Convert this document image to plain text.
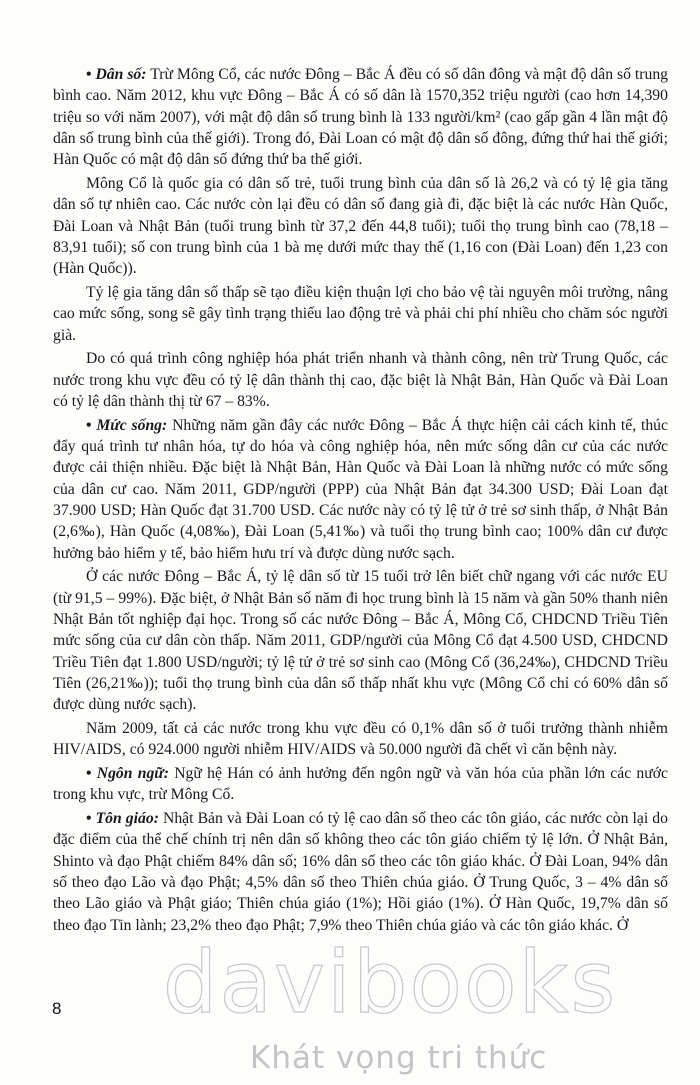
• Dân số: Trừ Mông Cổ, các nước Đông – Bắc Á đều có số dân đông và mật độ dân số trung bình cao. Năm 2012, khu vực Đông – Bắc Á có số dân là 1570,352 triệu người (cao hơn 14,390 triệu so với năm 2007), với mật độ dân số trung bình là 133 người/km² (cao gấp gần 4 lần mật độ dân số trung bình của thế giới). Trong đó, Đài Loan có mật độ dân số đông, đứng thứ hai thế giới; Hàn Quốc có mật độ dân số đứng thứ ba thế giới.

Mông Cổ là quốc gia có dân số trẻ, tuổi trung bình của dân số là 26,2 và có tỷ lệ gia tăng dân số tự nhiên cao. Các nước còn lại đều có dân số đang già đi, đặc biệt là các nước Hàn Quốc, Đài Loan và Nhật Bản (tuổi trung bình từ 37,2 đến 44,8 tuổi); tuổi thọ trung bình cao (78,18 – 83,91 tuổi); số con trung bình của 1 bà mẹ dưới mức thay thế (1,16 con (Đài Loan) đến 1,23 con (Hàn Quốc)).

Tỷ lệ gia tăng dân số thấp sẽ tạo điều kiện thuận lợi cho bảo vệ tài nguyên môi trường, nâng cao mức sống, song sẽ gây tình trạng thiếu lao động trẻ và phải chi phí nhiều cho chăm sóc người già.

Do có quá trình công nghiệp hóa phát triển nhanh và thành công, nên trừ Trung Quốc, các nước trong khu vực đều có tỷ lệ dân thành thị cao, đặc biệt là Nhật Bản, Hàn Quốc và Đài Loan có tỷ lệ dân thành thị từ 67 – 83%.

• Mức sống: Những năm gần đây các nước Đông – Bắc Á thực hiện cải cách kinh tế, thúc đẩy quá trình tư nhân hóa, tự do hóa và công nghiệp hóa, nên mức sống dân cư của các nước được cải thiện nhiều. Đặc biệt là Nhật Bản, Hàn Quốc và Đài Loan là những nước có mức sống của dân cư cao. Năm 2011, GDP/người (PPP) của Nhật Bản đạt 34.300 USD; Đài Loan đạt 37.900 USD; Hàn Quốc đạt 31.700 USD. Các nước này có tỷ lệ tử ở trẻ sơ sinh thấp, ở Nhật Bản (2,6‰), Hàn Quốc (4,08‰), Đài Loan (5,41‰) và tuổi thọ trung bình cao; 100% dân cư được hưởng bảo hiểm y tế, bảo hiểm hưu trí và được dùng nước sạch.

Ở các nước Đông – Bắc Á, tỷ lệ dân số từ 15 tuổi trở lên biết chữ ngang với các nước EU (từ 91,5 – 99%). Đặc biệt, ở Nhật Bản số năm đi học trung bình là 15 năm và gần 50% thanh niên Nhật Bản tốt nghiệp đại học. Trong số các nước Đông – Bắc Á, Mông Cổ, CHDCND Triều Tiên mức sống của cư dân còn thấp. Năm 2011, GDP/người của Mông Cổ đạt 4.500 USD, CHDCND Triều Tiên đạt 1.800 USD/người; tỷ lệ tử ở trẻ sơ sinh cao (Mông Cổ (36,24‰), CHDCND Triều Tiên (26,21‰)); tuổi thọ trung bình của dân số thấp nhất khu vực (Mông Cổ chỉ có 60% dân số được dùng nước sạch).

Năm 2009, tất cả các nước trong khu vực đều có 0,1% dân số ở tuổi trưởng thành nhiễm HIV/AIDS, có 924.000 người nhiễm HIV/AIDS và 50.000 người đã chết vì căn bệnh này.

• Ngôn ngữ: Ngữ hệ Hán có ảnh hưởng đến ngôn ngữ và văn hóa của phần lớn các nước trong khu vực, trừ Mông Cổ.

• Tôn giáo: Nhật Bản và Đài Loan có tỷ lệ cao dân số theo các tôn giáo, các nước còn lại do đặc điểm của thể chế chính trị nên dân số không theo các tôn giáo chiếm tỷ lệ lớn. Ở Nhật Bản, Shinto và đạo Phật chiếm 84% dân số; 16% dân số theo các tôn giáo khác. Ở Đài Loan, 94% dân số theo đạo Lão và đạo Phật; 4,5% dân số theo Thiên chúa giáo. Ở Trung Quốc, 3 – 4% dân số theo Lão giáo và Phật giáo; Thiên chúa giáo (1%); Hồi giáo (1%). Ở Hàn Quốc, 19,7% dân số theo đạo Tin lành; 23,2% theo đạo Phật; 7,9% theo Thiên chúa giáo và các tôn giáo khác. Ở

davibooks
Khát vọng tri thức
8
